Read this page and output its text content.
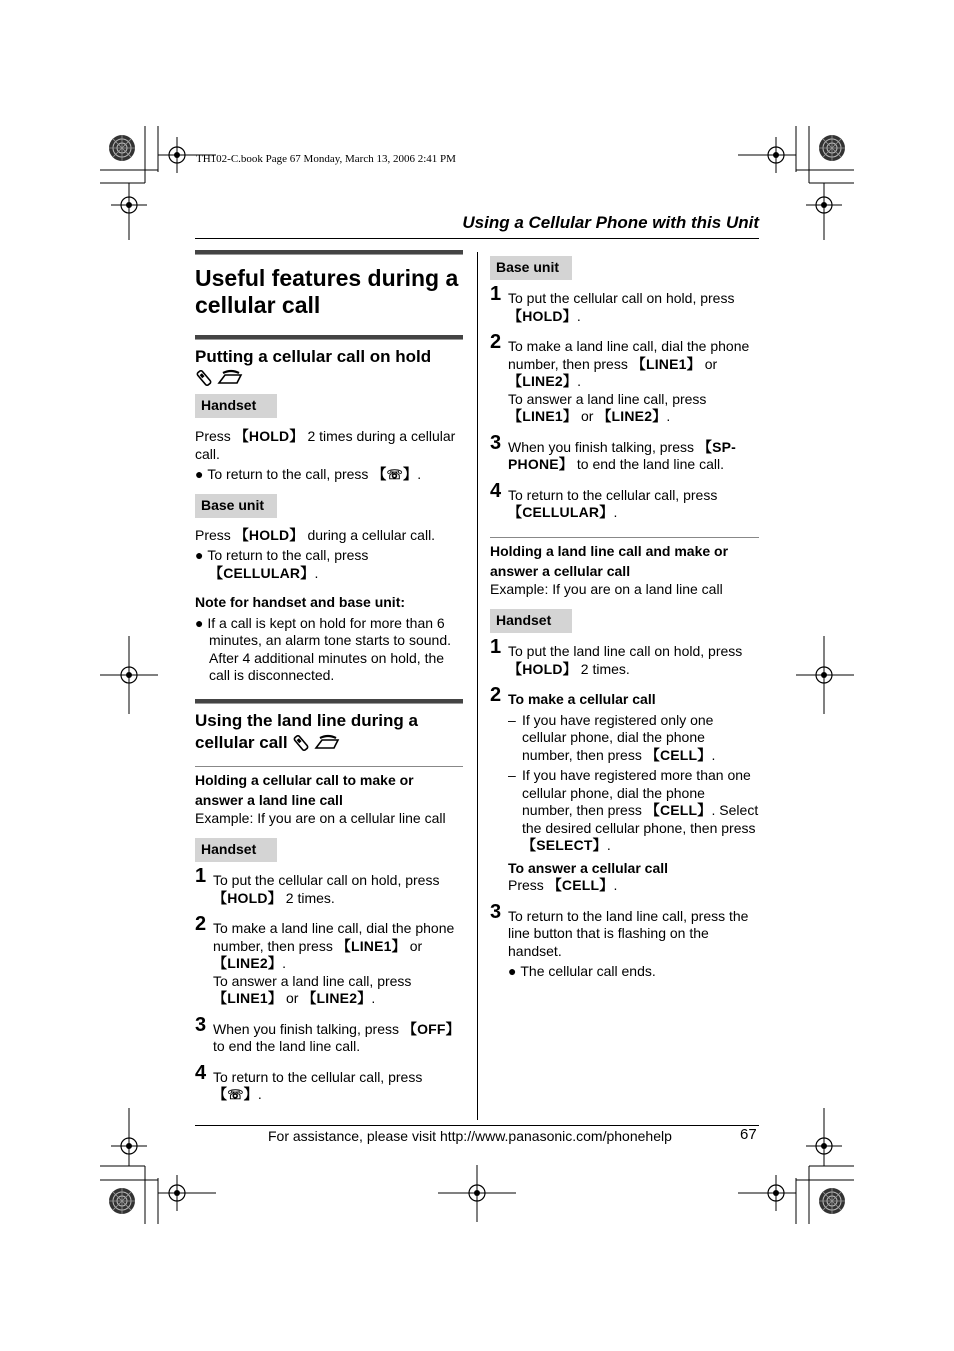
TH102-C.book Page 67 Monday, March 13, 2006 2:41 PM
Using a Cellular Phone with this Unit
Useful features during a cellular call
Putting a cellular call on hold
Handset
Press 【HOLD】 2 times during a cellular call.
● To return to the call, press 【☏】.
Base unit
Press 【HOLD】 during a cellular call.
● To return to the call, press
【CELLULAR】.
Note for handset and base unit:
● If a call is kept on hold for more than 6 minutes, an alarm tone starts to sound. After 4 additional minutes on hold, the call is disconnected.
Using the land line during a
cellular call
Holding a cellular call to make or answer a land line call
Example: If you are on a cellular line call
Handset
1 To put the cellular call on hold, press 【HOLD】 2 times.
2 To make a land line call, dial the phone number, then press 【LINE1】 or 【LINE2】.
To answer a land line call, press 【LINE1】 or 【LINE2】.
3 When you finish talking, press 【OFF】 to end the land line call.
4 To return to the cellular call, press
【☏】.
Base unit
1 To put the cellular call on hold, press
【HOLD】.
2 To make a land line call, dial the phone number, then press 【LINE1】 or
【LINE2】.
To answer a land line call, press
【LINE1】 or 【LINE2】.
3 When you finish talking, press 【SP-
PHONE】 to end the land line call.
4 To return to the cellular call, press
【CELLULAR】.
Holding a land line call and make or answer a cellular call
Example: If you are on a land line call
Handset
1 To put the land line call on hold, press
【HOLD】 2 times.
2 To make a cellular call
– If you have registered only one cellular phone, dial the phone number, then press 【CELL】.
– If you have registered more than one cellular phone, dial the phone number, then press 【CELL】. Select the desired cellular phone, then press 【SELECT】.
To answer a cellular call
Press 【CELL】.
3 To return to the land line call, press the line button that is flashing on the handset.
● The cellular call ends.
For assistance, please visit http://www.panasonic.com/phonehelp	67
